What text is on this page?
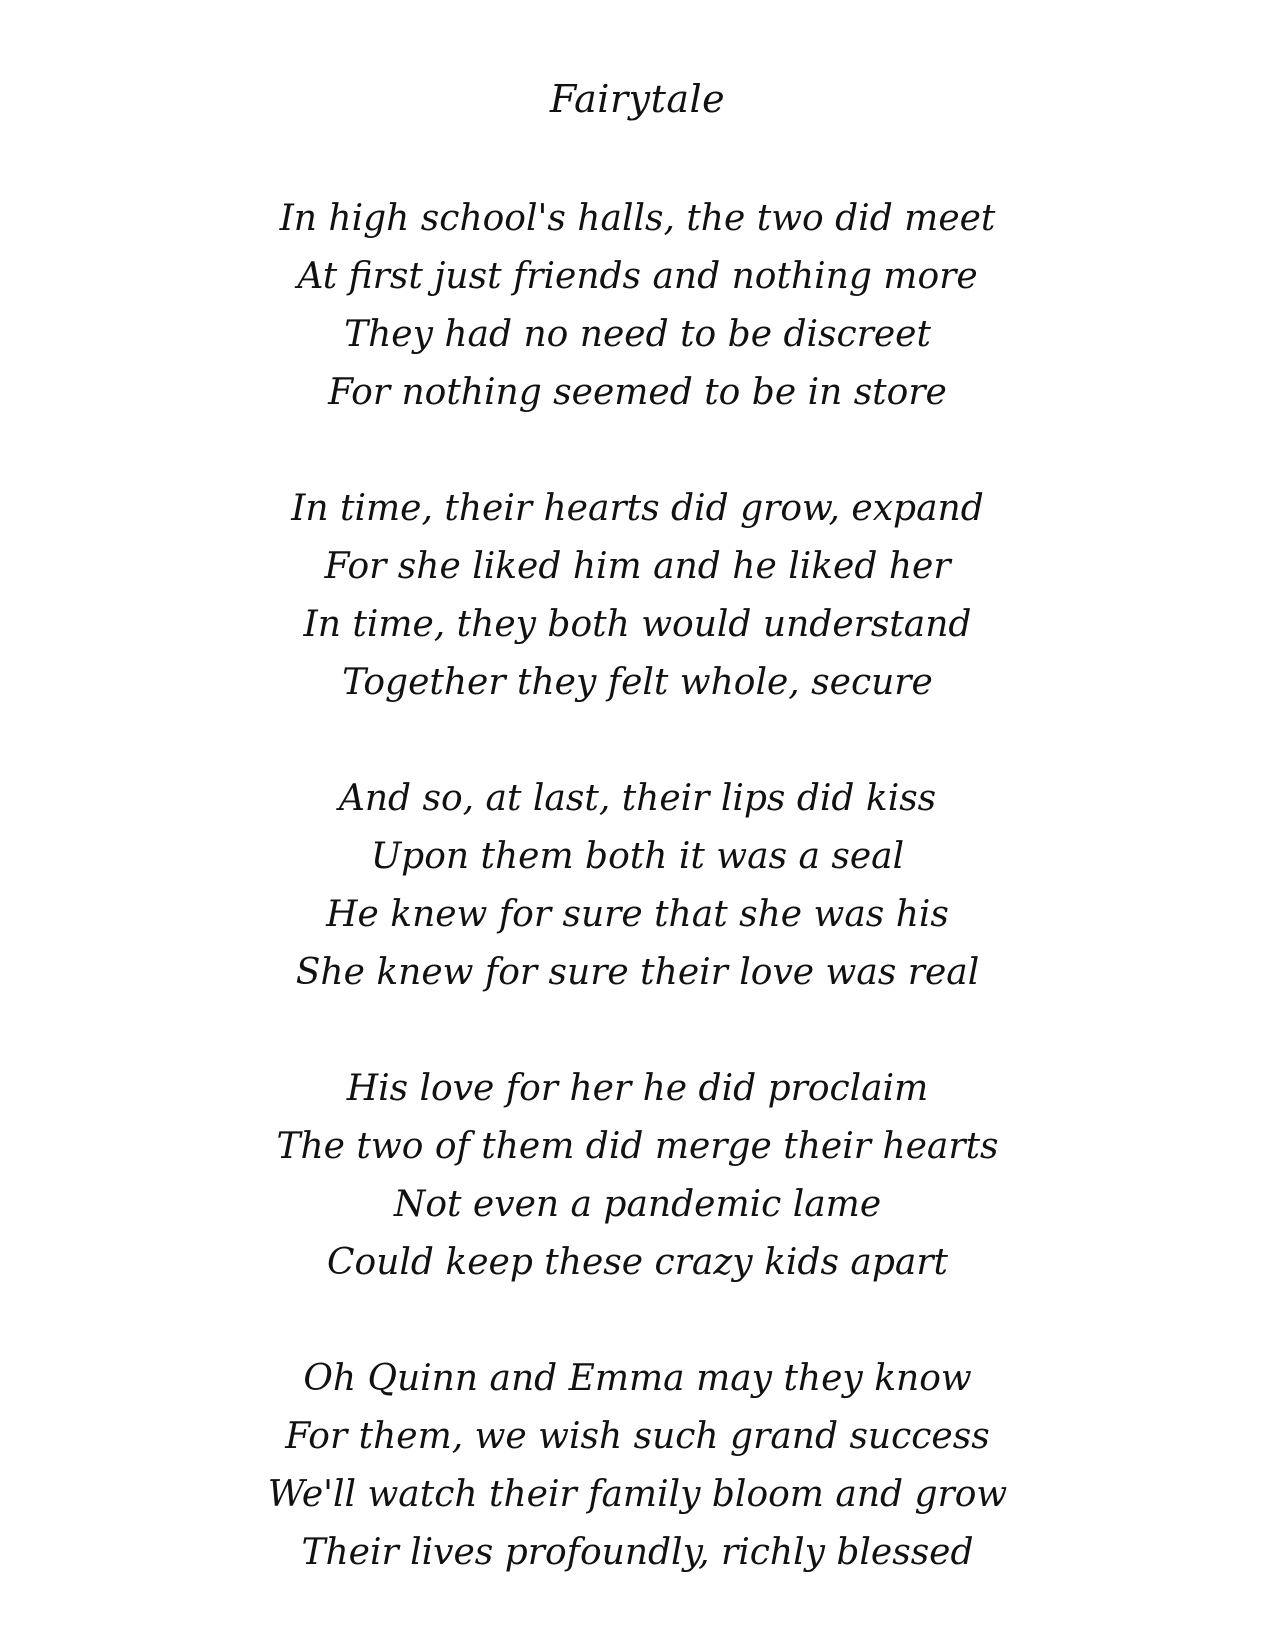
Fairytale
In high school's halls, the two did meet
At first just friends and nothing more
They had no need to be discreet
For nothing seemed to be in store
In time, their hearts did grow, expand
For she liked him and he liked her
In time, they both would understand
Together they felt whole, secure
And so, at last, their lips did kiss
Upon them both it was a seal
He knew for sure that she was his
She knew for sure their love was real
His love for her he did proclaim
The two of them did merge their hearts
Not even a pandemic lame
Could keep these crazy kids apart
Oh Quinn and Emma may they know
For them, we wish such grand success
We'll watch their family bloom and grow
Their lives profoundly, richly blessed
